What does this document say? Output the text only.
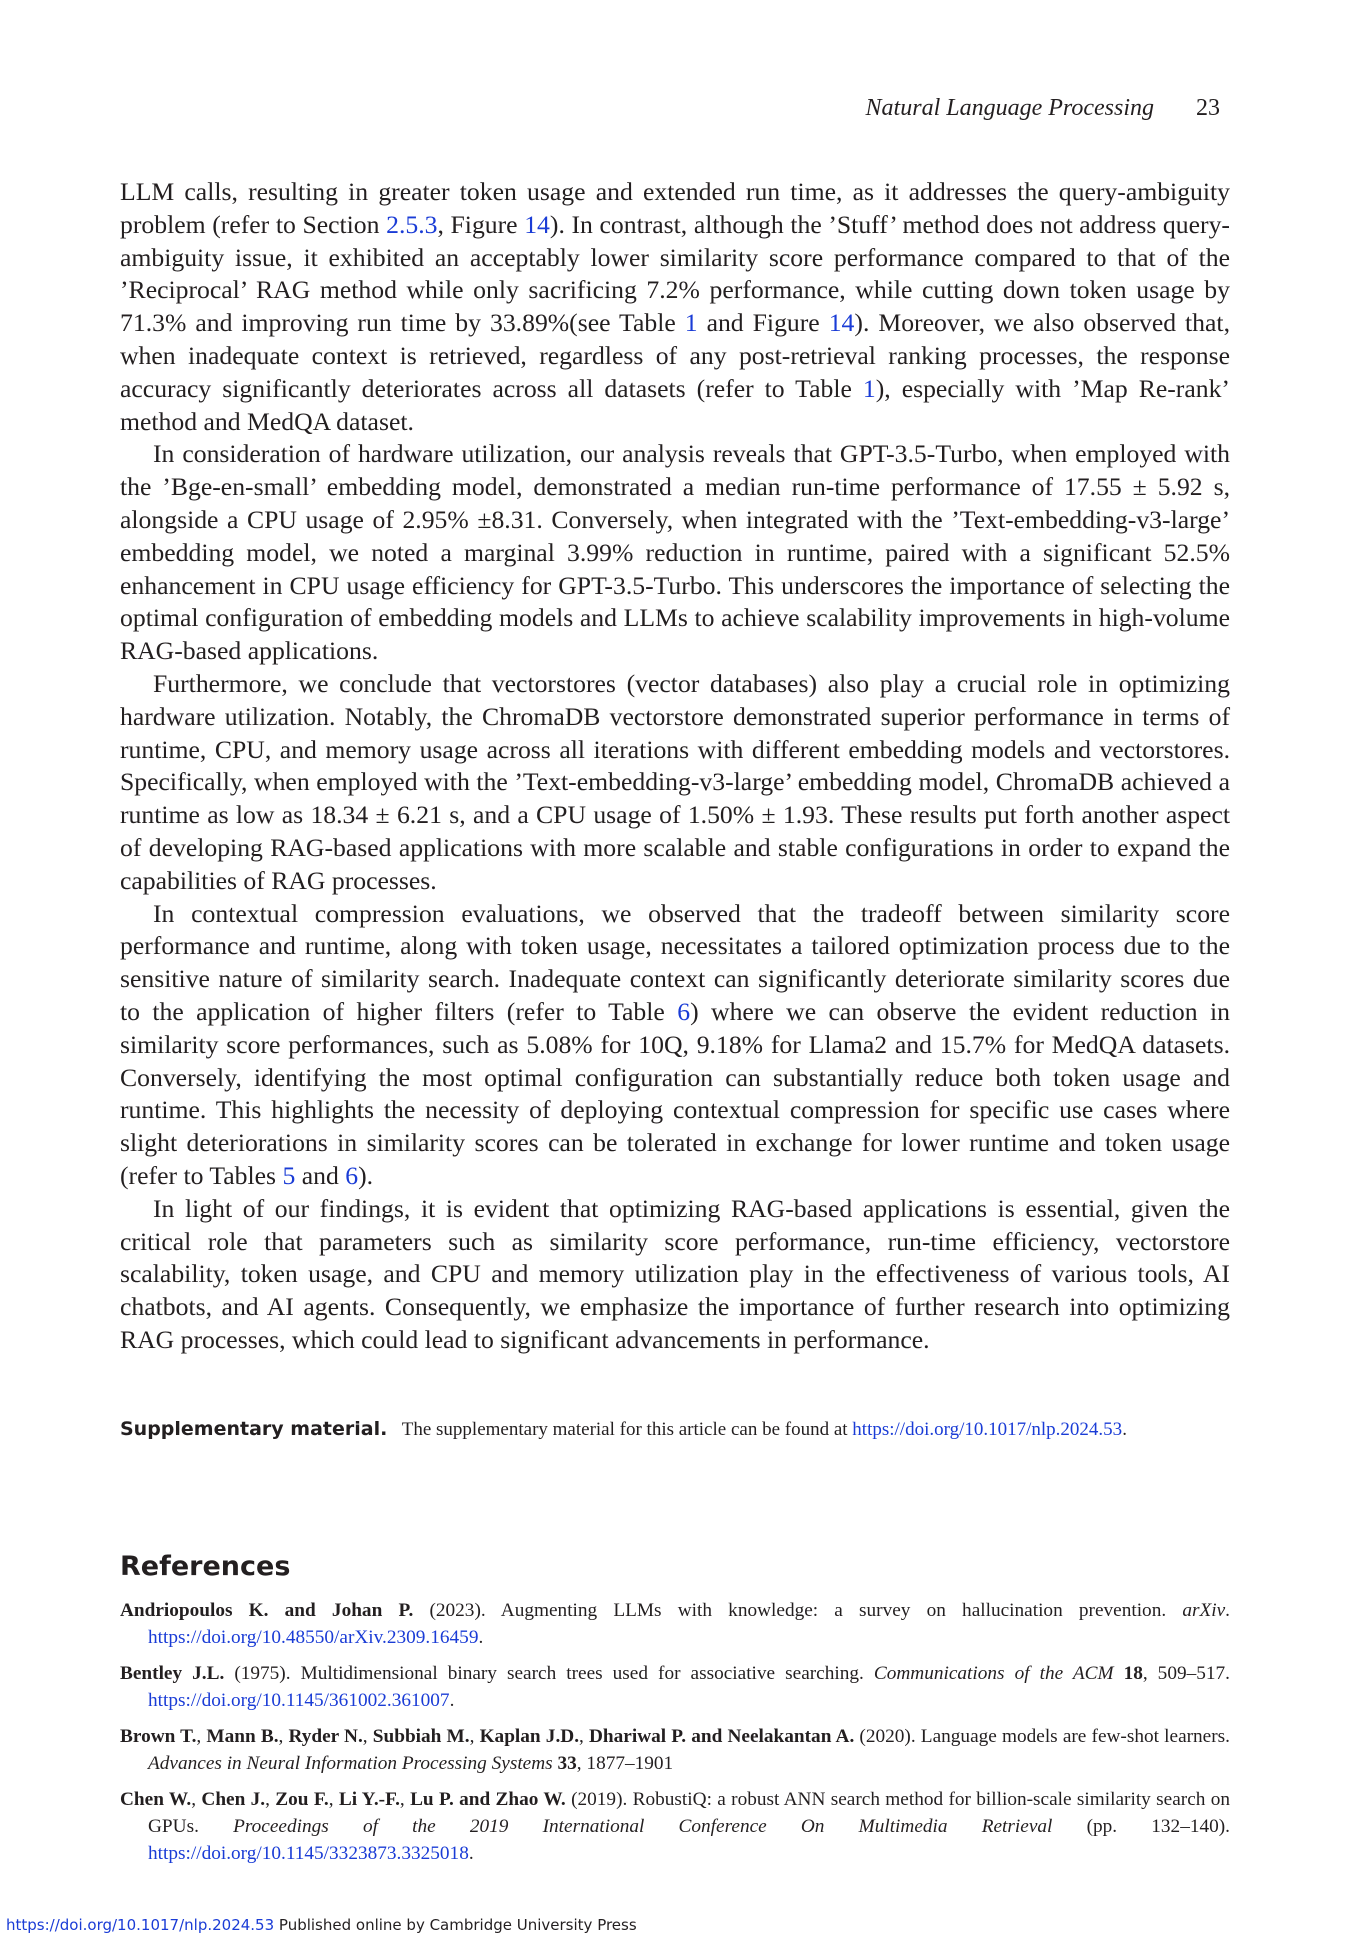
Natural Language Processing 23

LLM calls, resulting in greater token usage and extended run time, as it addresses the query-ambiguity problem (refer to Section 2.5.3, Figure 14). In contrast, although the ’Stuff’ method does not address query-ambiguity issue, it exhibited an acceptably lower similarity score performance compared to that of the ’Reciprocal’ RAG method while only sacrificing 7.2% performance, while cutting down token usage by 71.3% and improving run time by 33.89%(see Table 1 and Figure 14). Moreover, we also observed that, when inadequate context is retrieved, regardless of any post-retrieval ranking processes, the response accuracy significantly deteriorates across all datasets (refer to Table 1), especially with ’Map Re-rank’ method and MedQA dataset.

In consideration of hardware utilization, our analysis reveals that GPT-3.5-Turbo, when employed with the ’Bge-en-small’ embedding model, demonstrated a median run-time performance of 17.55 ± 5.92 s, alongside a CPU usage of 2.95% ±8.31. Conversely, when integrated with the ’Text-embedding-v3-large’ embedding model, we noted a marginal 3.99% reduction in runtime, paired with a significant 52.5% enhancement in CPU usage efficiency for GPT-3.5-Turbo. This underscores the importance of selecting the optimal configuration of embedding models and LLMs to achieve scalability improvements in high-volume RAG-based applications.

Furthermore, we conclude that vectorstores (vector databases) also play a crucial role in optimizing hardware utilization. Notably, the ChromaDB vectorstore demonstrated superior performance in terms of runtime, CPU, and memory usage across all iterations with different embedding models and vectorstores. Specifically, when employed with the ’Text-embedding-v3-large’ embedding model, ChromaDB achieved a runtime as low as 18.34 ± 6.21 s, and a CPU usage of 1.50% ± 1.93. These results put forth another aspect of developing RAG-based applications with more scalable and stable configurations in order to expand the capabilities of RAG processes.

In contextual compression evaluations, we observed that the tradeoff between similarity score performance and runtime, along with token usage, necessitates a tailored optimization process due to the sensitive nature of similarity search. Inadequate context can significantly deteriorate similarity scores due to the application of higher filters (refer to Table 6) where we can observe the evident reduction in similarity score performances, such as 5.08% for 10Q, 9.18% for Llama2 and 15.7% for MedQA datasets. Conversely, identifying the most optimal configuration can substantially reduce both token usage and runtime. This highlights the necessity of deploying contextual compression for specific use cases where slight deteriorations in similarity scores can be tolerated in exchange for lower runtime and token usage (refer to Tables 5 and 6).

In light of our findings, it is evident that optimizing RAG-based applications is essential, given the critical role that parameters such as similarity score performance, run-time efficiency, vectorstore scalability, token usage, and CPU and memory utilization play in the effectiveness of various tools, AI chatbots, and AI agents. Consequently, we emphasize the importance of further research into optimizing RAG processes, which could lead to significant advancements in performance.

Supplementary material. The supplementary material for this article can be found at https://doi.org/10.1017/nlp.2024.53.
References
Andriopoulos K. and Johan P. (2023). Augmenting LLMs with knowledge: a survey on hallucination prevention. arXiv. https://doi.org/10.48550/arXiv.2309.16459.
Bentley J.L. (1975). Multidimensional binary search trees used for associative searching. Communications of the ACM 18, 509–517. https://doi.org/10.1145/361002.361007.
Brown T., Mann B., Ryder N., Subbiah M., Kaplan J.D., Dhariwal P. and Neelakantan A. (2020). Language models are few-shot learners. Advances in Neural Information Processing Systems 33, 1877–1901
Chen W., Chen J., Zou F., Li Y.-F., Lu P. and Zhao W. (2019). RobustiQ: a robust ANN search method for billion-scale similarity search on GPUs. Proceedings of the 2019 International Conference On Multimedia Retrieval (pp. 132–140). https://doi.org/10.1145/3323873.3325018.
https://doi.org/10.1017/nlp.2024.53 Published online by Cambridge University Press
